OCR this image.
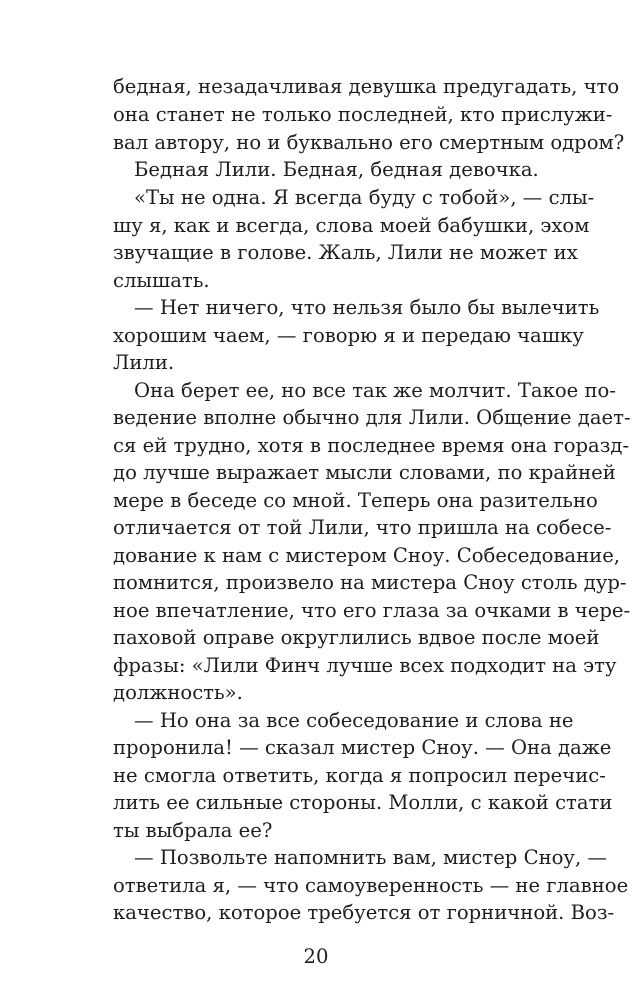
бедная, незадачливая девушка предугадать, что
она станет не только последней, кто прислужи-
вал автору, но и буквально его смертным одром?
Бедная Лили. Бедная, бедная девочка.
«Ты не одна. Я всегда буду с тобой», — слы-
шу я, как и всегда, слова моей бабушки, эхом
звучащие в голове. Жаль, Лили не может их
слышать.
— Нет ничего, что нельзя было бы вылечить
хорошим чаем, — говорю я и передаю чашку
Лили.
Она берет ее, но все так же молчит. Такое по-
ведение вполне обычно для Лили. Общение дает-
ся ей трудно, хотя в последнее время она горазд-
до лучше выражает мысли словами, по крайней
мере в беседе со мной. Теперь она разительно
отличается от той Лили, что пришла на собесе-
дование к нам с мистером Сноу. Собеседование,
помнится, произвело на мистера Сноу столь дур-
ное впечатление, что его глаза за очками в чере-
паховой оправе округлились вдвое после моей
фразы: «Лили Финч лучше всех подходит на эту
должность».
— Но она за все собеседование и слова не
проронила! — сказал мистер Сноу. — Она даже
не смогла ответить, когда я попросил перечис-
лить ее сильные стороны. Молли, с какой стати
ты выбрала ее?
— Позвольте напомнить вам, мистер Сноу, —
ответила я, — что самоуверенность — не главное
качество, которое требуется от горничной. Воз-
20
